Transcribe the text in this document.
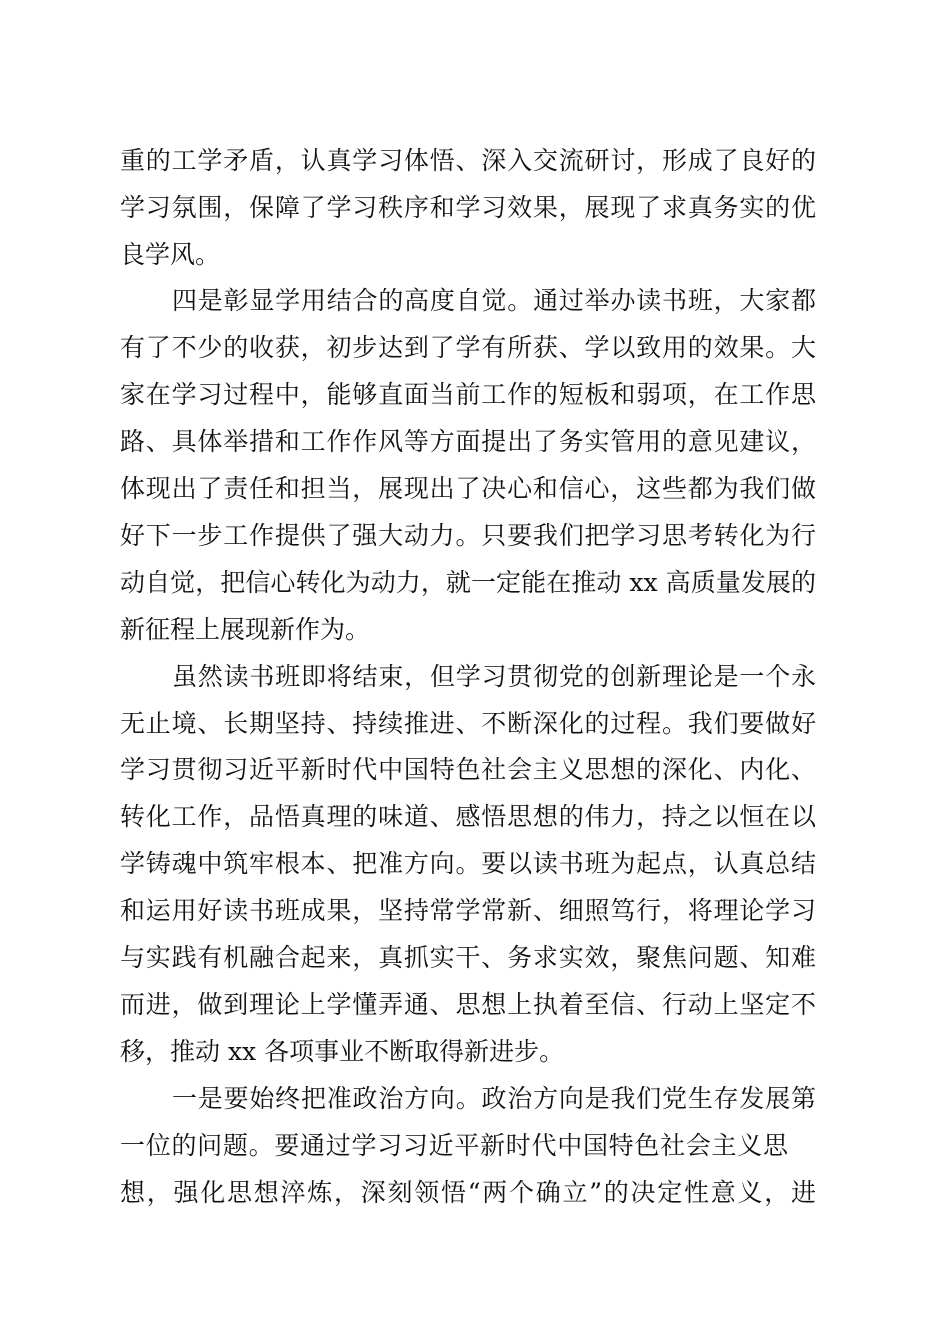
重的工学矛盾，认真学习体悟、深入交流研讨，形成了良好的
学习氛围，保障了学习秩序和学习效果，展现了求真务实的优
良学风。
四是彰显学用结合的高度自觉。通过举办读书班，大家都
有了不少的收获，初步达到了学有所获、学以致用的效果。大
家在学习过程中，能够直面当前工作的短板和弱项，在工作思
路、具体举措和工作作风等方面提出了务实管用的意见建议，
体现出了责任和担当，展现出了决心和信心，这些都为我们做
好下一步工作提供了强大动力。只要我们把学习思考转化为行
动自觉，把信心转化为动力，就一定能在推动 xx 高质量发展的
新征程上展现新作为。
虽然读书班即将结束，但学习贯彻党的创新理论是一个永
无止境、长期坚持、持续推进、不断深化的过程。我们要做好
学习贯彻习近平新时代中国特色社会主义思想的深化、内化、
转化工作，品悟真理的味道、感悟思想的伟力，持之以恒在以
学铸魂中筑牢根本、把准方向。要以读书班为起点，认真总结
和运用好读书班成果，坚持常学常新、细照笃行，将理论学习
与实践有机融合起来，真抓实干、务求实效，聚焦问题、知难
而进，做到理论上学懂弄通、思想上执着至信、行动上坚定不
移，推动 xx 各项事业不断取得新进步。
一是要始终把准政治方向。政治方向是我们党生存发展第
一位的问题。要通过学习习近平新时代中国特色社会主义思
想，强化思想淬炼，深刻领悟“两个确立”的决定性意义，进
